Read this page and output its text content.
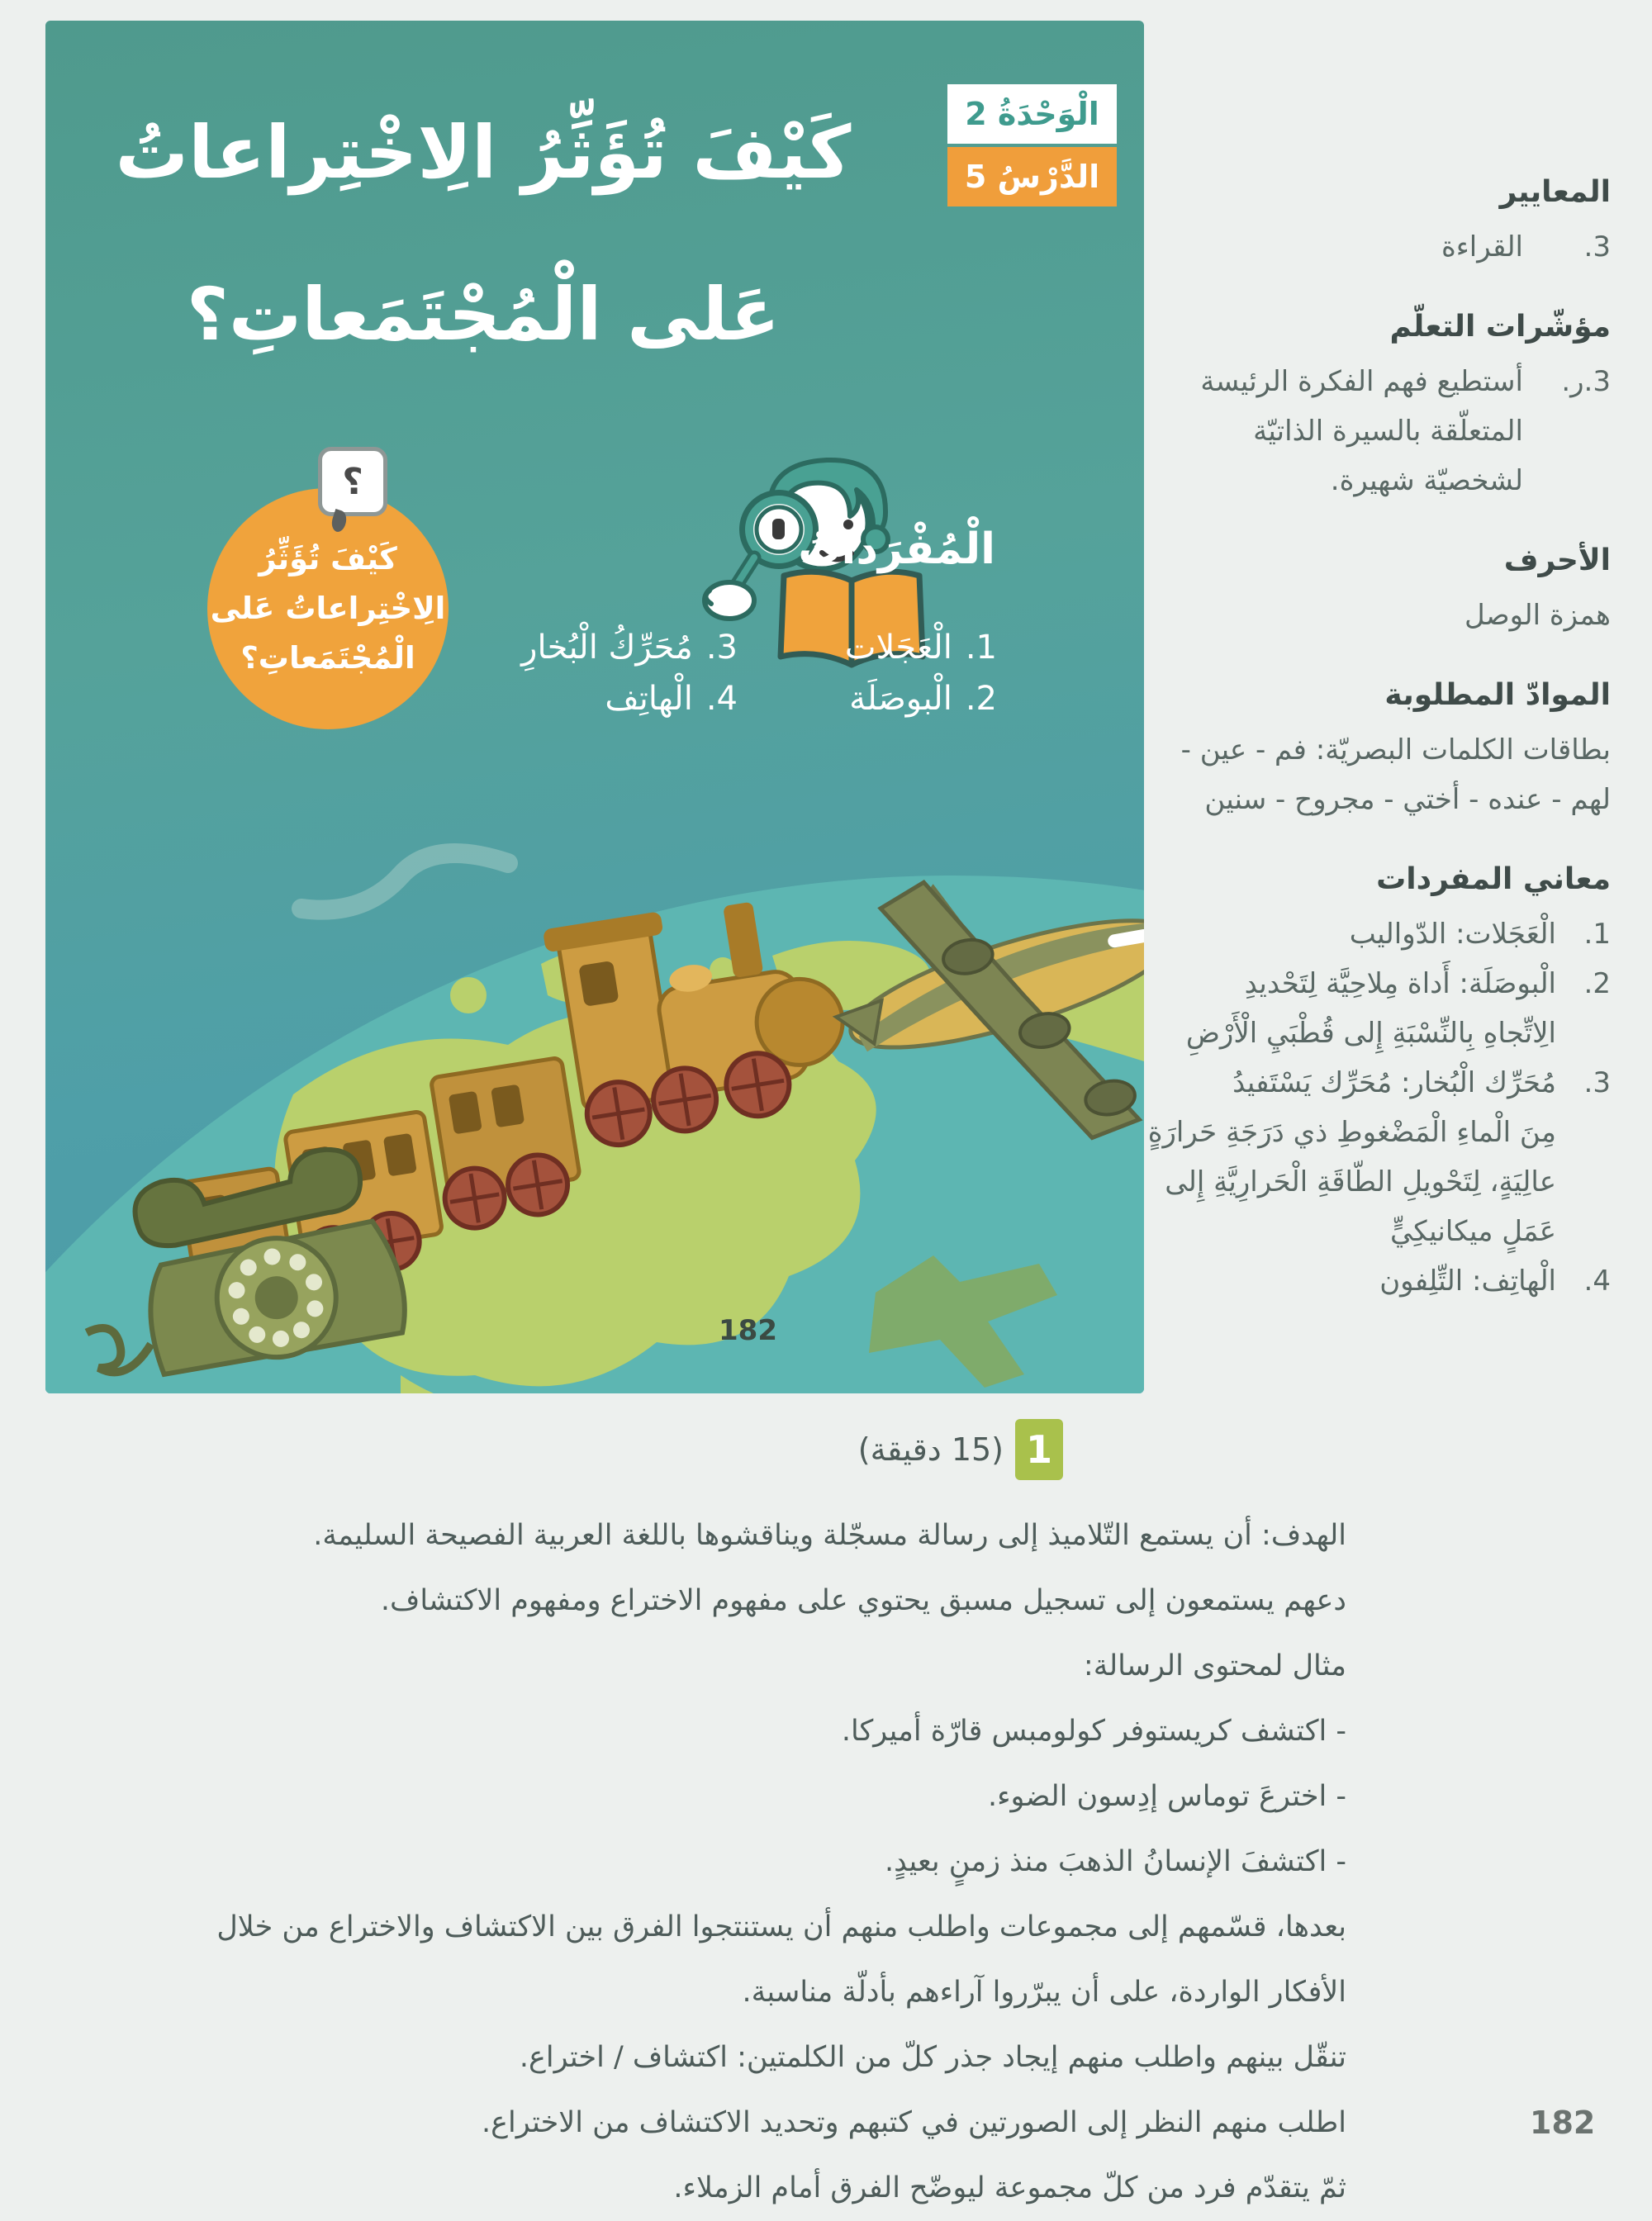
الْوَحْدَةُ 2
الدَّرْسُ 5
كَيْفَ تُؤَثِّرُ الِاخْتِراعاتُ
عَلى الْمُجْتَمَعاتِ؟
؟
كَيْفَ تُؤَثِّرُ
الِاخْتِراعاتُ عَلى
الْمُجْتَمَعاتِ؟
الْمُفْرَداتُ
1.
الْعَجَلات
2.
الْبوصَلَة
3.
مُحَرِّكُ الْبُخارِ
4.
الْهاتِف
182
المعايير
3.
القراءة
مؤشّرات التعلّم
3.ر.
أستطيع فهم الفكرة الرئيسة
المتعلّقة بالسيرة الذاتيّة
لشخصيّة شهيرة.
الأحرف
همزة الوصل
الموادّ المطلوبة
بطاقات الكلمات البصريّة: فم - عين -
لهم - عنده - أختي - مجروح - سنين
معاني المفردات
1.
الْعَجَلات: الدّواليب
2.
الْبوصَلَة: أَداة مِلاحِيَّة لِتَحْديدِ
الِاتِّجاهِ بِالنِّسْبَةِ إِلى قُطْبَيِ الْأَرْضِ
3.
مُحَرِّك الْبُخار: مُحَرِّك يَسْتَفيدُ
مِنَ الْماءِ الْمَضْغوطِ ذي دَرَجَةِ حَرارَةٍ
عالِيَةٍ، لِتَحْويلِ الطّاقَةِ الْحَرارِيَّةِ إِلى
عَمَلٍ ميكانيكِيٍّ
4.
الْهاتِف: التِّلِفون
1
(15 دقيقة)
الهدف: أن يستمع التّلاميذ إلى رسالة مسجّلة ويناقشوها باللغة العربية الفصيحة السليمة.
دعهم يستمعون إلى تسجيل مسبق يحتوي على مفهوم الاختراع ومفهوم الاكتشاف.
مثال لمحتوى الرسالة:
- اكتشف كريستوفر كولومبس قارّة أميركا.
- اخترعَ توماس إدِسون الضوء.
- اكتشفَ الإنسانُ الذهبَ منذ زمنٍ بعيدٍ.
بعدها، قسّمهم إلى مجموعات واطلب منهم أن يستنتجوا الفرق بين الاكتشاف والاختراع من خلال
الأفكار الواردة، على أن يبرّروا آراءهم بأدلّة مناسبة.
تنقّل بينهم واطلب منهم إيجاد جذر كلّ من الكلمتين: اكتشاف / اختراع.
اطلب منهم النظر إلى الصورتين في كتبهم وتحديد الاكتشاف من الاختراع.
ثمّ يتقدّم فرد من كلّ مجموعة ليوضّح الفرق أمام الزملاء.
182
